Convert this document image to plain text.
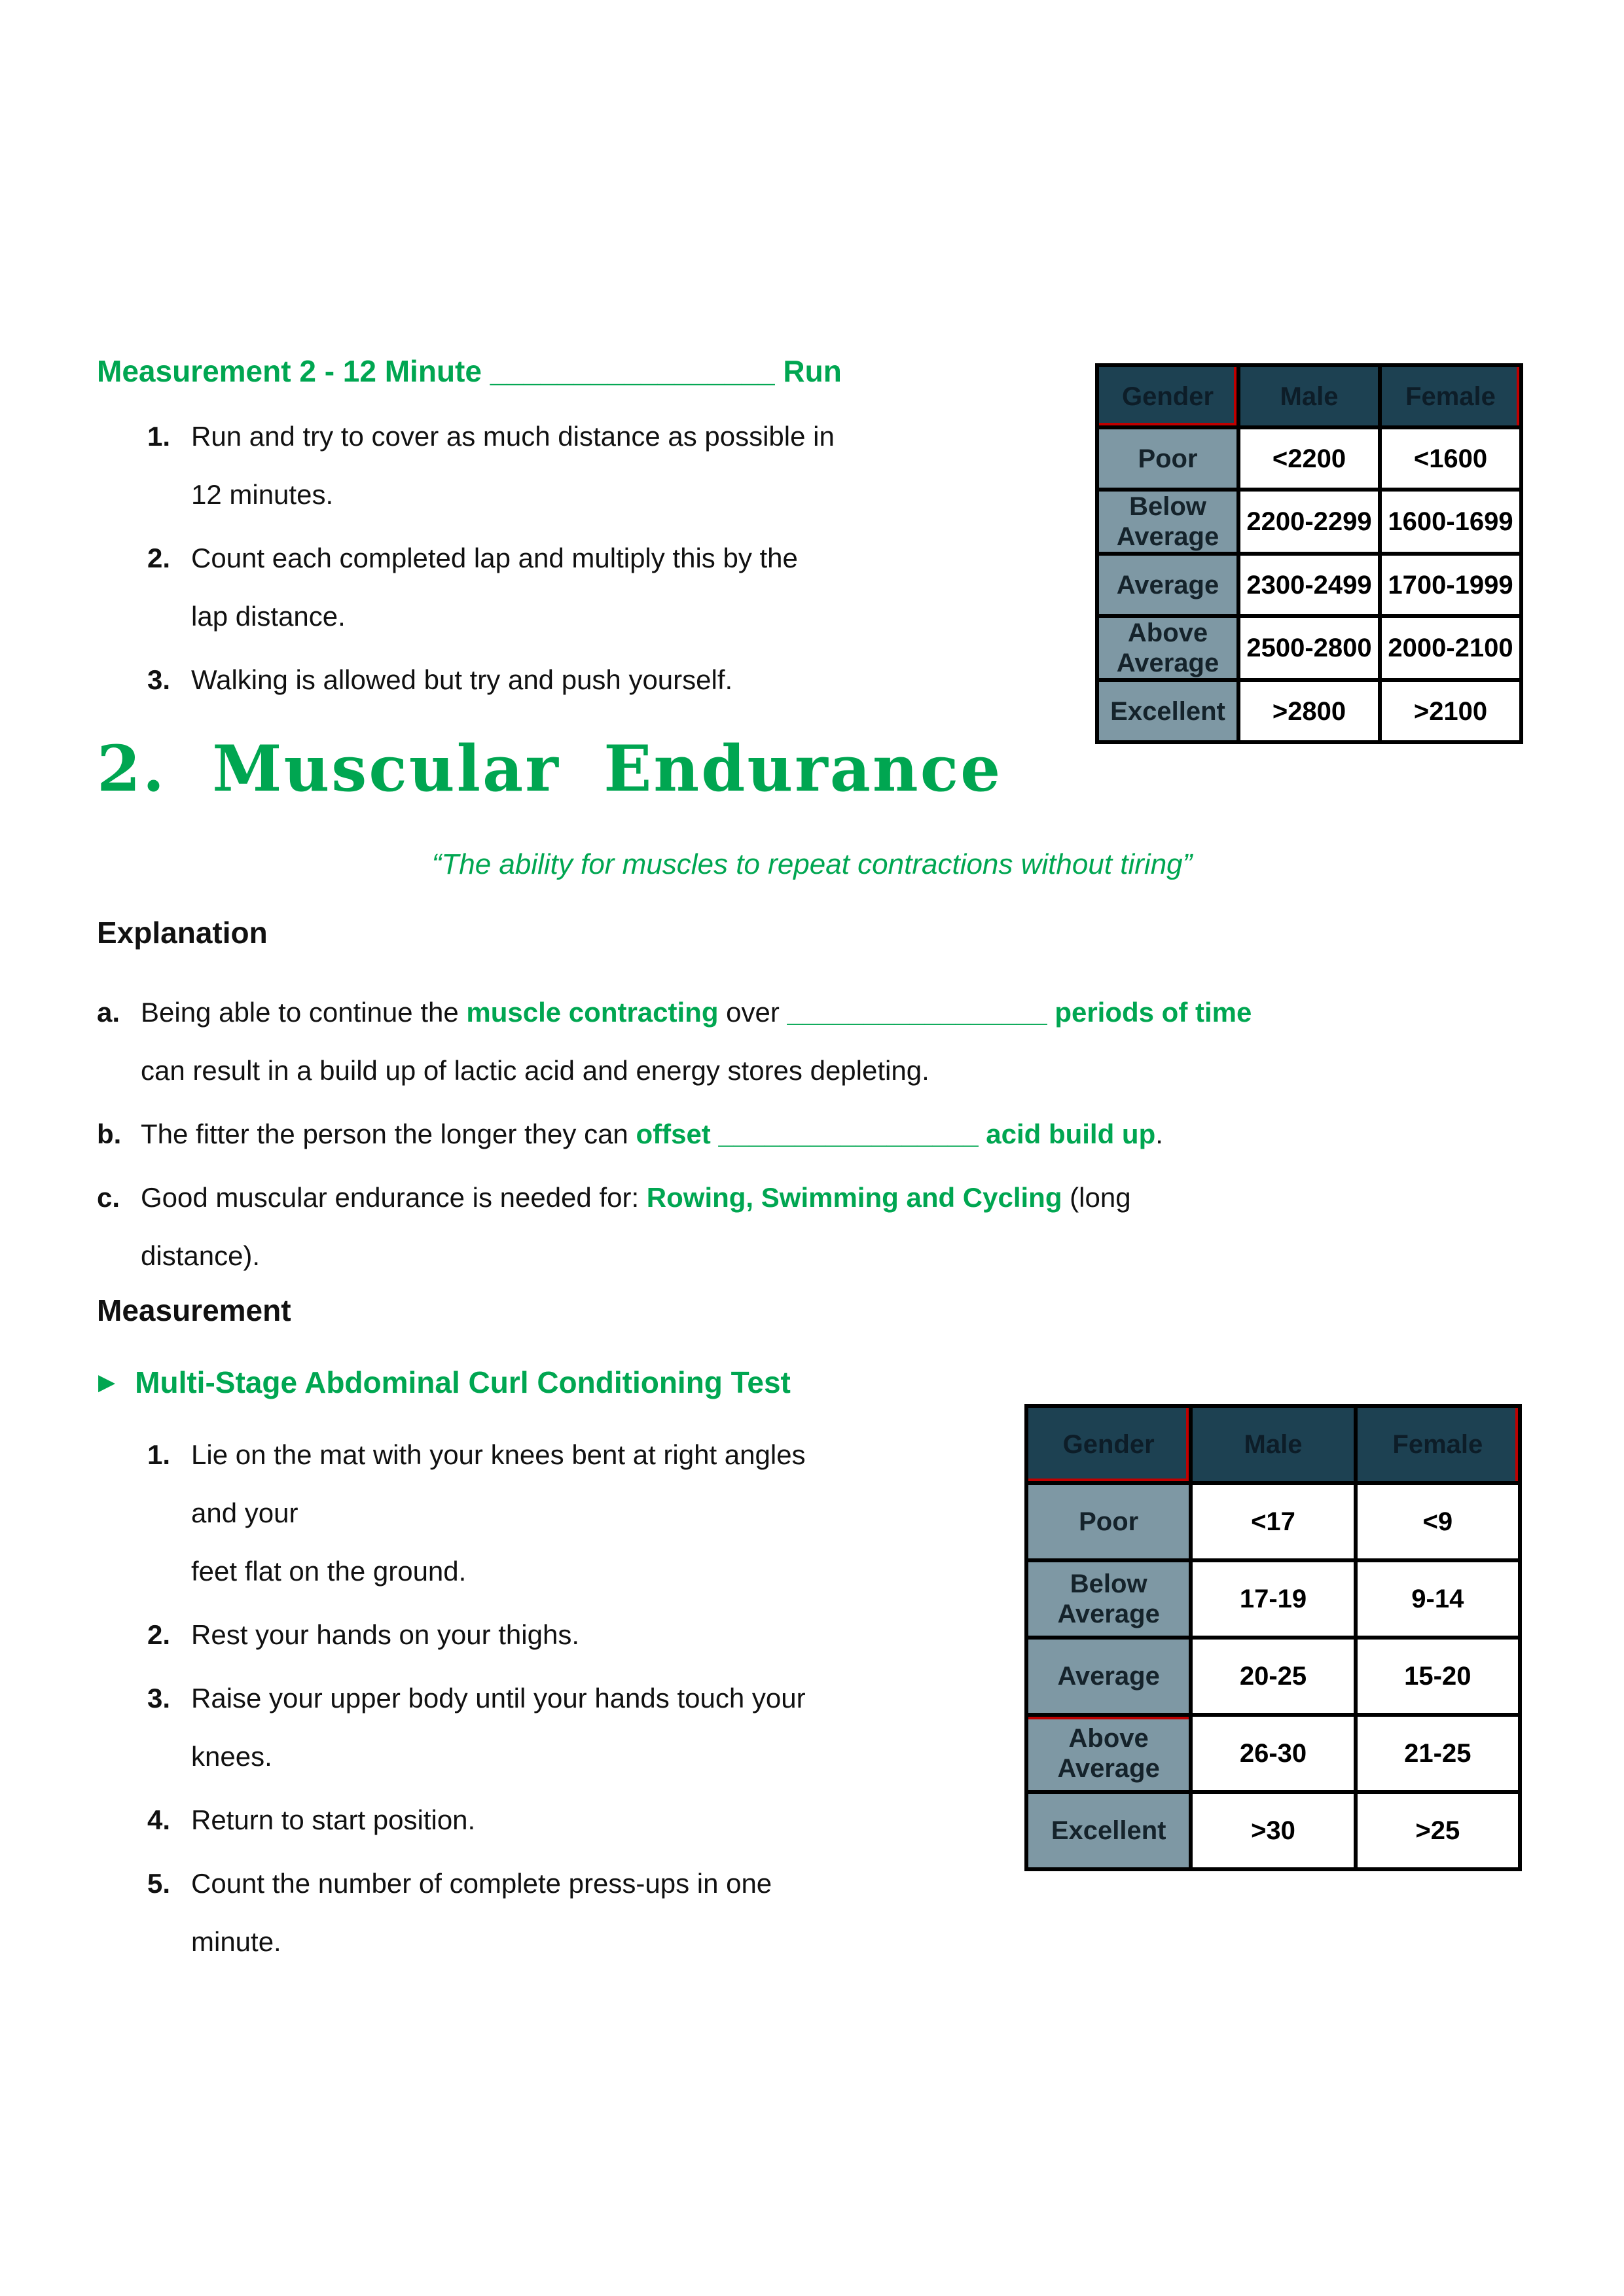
Measurement 2 - 12 Minute _________________ Run
1. Run and try to cover as much distance as possible in
12 minutes.
2. Count each completed lap and multiply this by the
lap distance.
3. Walking is allowed but try and push yourself.
Gender	Male	Female
Poor	<2200	<1600
Below Average	2200-2299	1600-1699
Average	2300-2499	1700-1999
Above Average	2500-2800	2000-2100
Excellent	>2800	>2100
2. Muscular Endurance
“The ability for muscles to repeat contractions without tiring”
Explanation
a. Being able to continue the muscle contracting over _________________ periods of time
can result in a build up of lactic acid and energy stores depleting.
b. The fitter the person the longer they can offset _________________ acid build up.
c. Good muscular endurance is needed for: Rowing, Swimming and Cycling (long
distance).
Measurement
▶ Multi-Stage Abdominal Curl Conditioning Test
1. Lie on the mat with your knees bent at right angles
and your
feet flat on the ground.
2. Rest your hands on your thighs.
3. Raise your upper body until your hands touch your
knees.
4. Return to start position.
5. Count the number of complete press-ups in one
minute.
Gender	Male	Female
Poor	<17	<9
Below Average	17-19	9-14
Average	20-25	15-20
Above Average	26-30	21-25
Excellent	>30	>25
